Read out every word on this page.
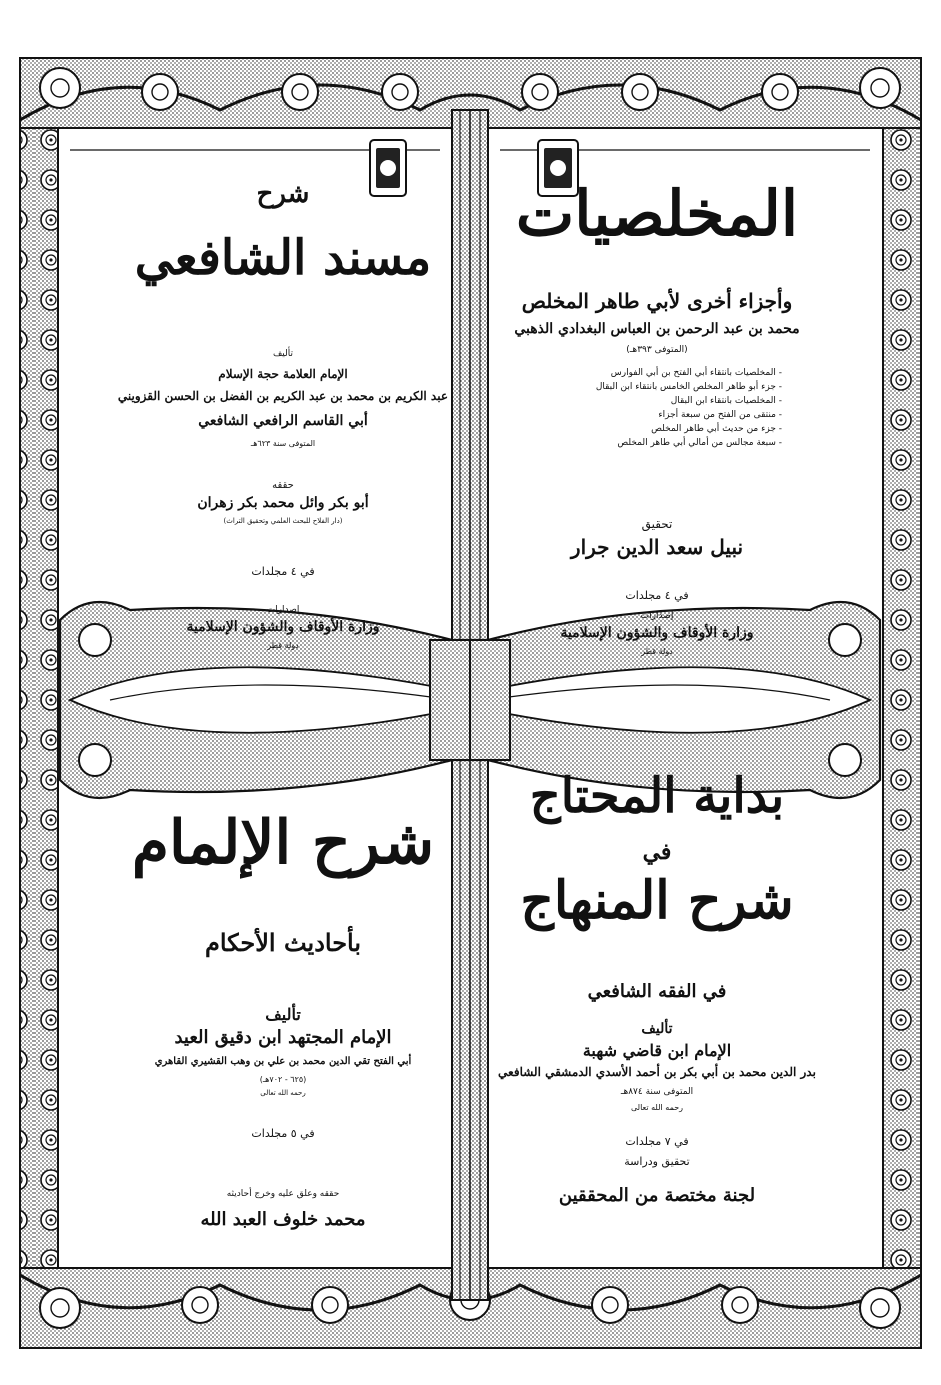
المخلصيات
وأجزاء أخرى لأبي طاهر المخلص
محمد بن عبد الرحمن بن العباس البغدادي الذهبي
(المتوفى ٣٩٣هـ)
- المخلصيات بانتقاء أبي الفتح بن أبي الفوارس
- جزء أبو طاهر المخلص الخامس بانتقاء ابن البقال
- المخلصيات بانتقاء ابن البقال
- منتقى من الفتح من سبعة أجزاء
- جزء من حديث أبي طاهر المخلص
- سبعة مجالس من أمالي أبي طاهر المخلص
تحقيق
نبيل سعد الدين جرار
في ٤ مجلدات
إصدارات
وزارة الأوقاف والشؤون الإسلامية
دولة قطر
شرح
مسند الشافعي
تأليف
الإمام العلامة حجة الإسلام
عبد الكريم بن محمد بن عبد الكريم بن الفضل بن الحسن القزويني
أبي القاسم الرافعي الشافعي
المتوفى سنة ٦٢٣هـ
حققه
أبو بكر وائل محمد بكر زهران
(دار الفلاح للبحث العلمي وتحقيق التراث)
في ٤ مجلدات
إصدارات
وزارة الأوقاف والشؤون الإسلامية
دولة قطر
بداية المحتاج
في
شرح المنهاج
في الفقه الشافعي
تأليف
الإمام ابن قاضي شهبة
بدر الدين محمد بن أبي بكر بن أحمد الأسدي الدمشقي الشافعي
المتوفى سنة ٨٧٤هـ
رحمه الله تعالى
في ٧ مجلدات
تحقيق ودراسة
لجنة مختصة من المحققين
شرح الإلمام
بأحاديث الأحكام
تأليف
الإمام المجتهد ابن دقيق العيد
أبي الفتح تقي الدين محمد بن علي بن وهب القشيري القاهري
(٦٢٥ - ٧٠٢هـ)
رحمه الله تعالى
في ٥ مجلدات
حققه وعلق عليه وخرج أحاديثه
محمد خلوف العبد الله
